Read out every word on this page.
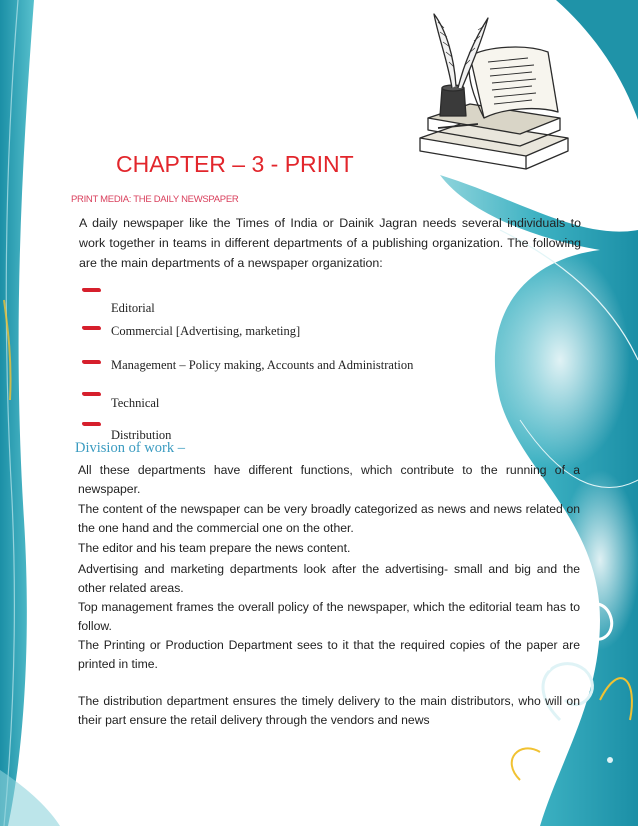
CHAPTER – 3 - PRINT
PRINT MEDIA: THE DAILY NEWSPAPER

A daily newspaper like the Times of India or Dainik Jagran needs several individuals to work together in teams in different departments of a publishing organization. The following are the main departments of a newspaper organization:

Editorial
Commercial [Advertising, marketing]
Management – Policy making, Accounts and Administration
Technical
Distribution
Division of work –

All these departments have different functions, which contribute to the running of a newspaper.

The content of the newspaper can be very broadly categorized as news and news related on the one hand and the commercial one on the other.

The editor and his team prepare the news content.

Advertising and marketing departments look after the advertising- small and big and the other related areas.

Top management frames the overall policy of the newspaper, which the editorial team has to follow.

The Printing or Production Department sees to it that the required copies of the paper are printed in time.

The distribution department ensures the timely delivery to the main distributors, who will on their part ensure the retail delivery through the vendors and news
